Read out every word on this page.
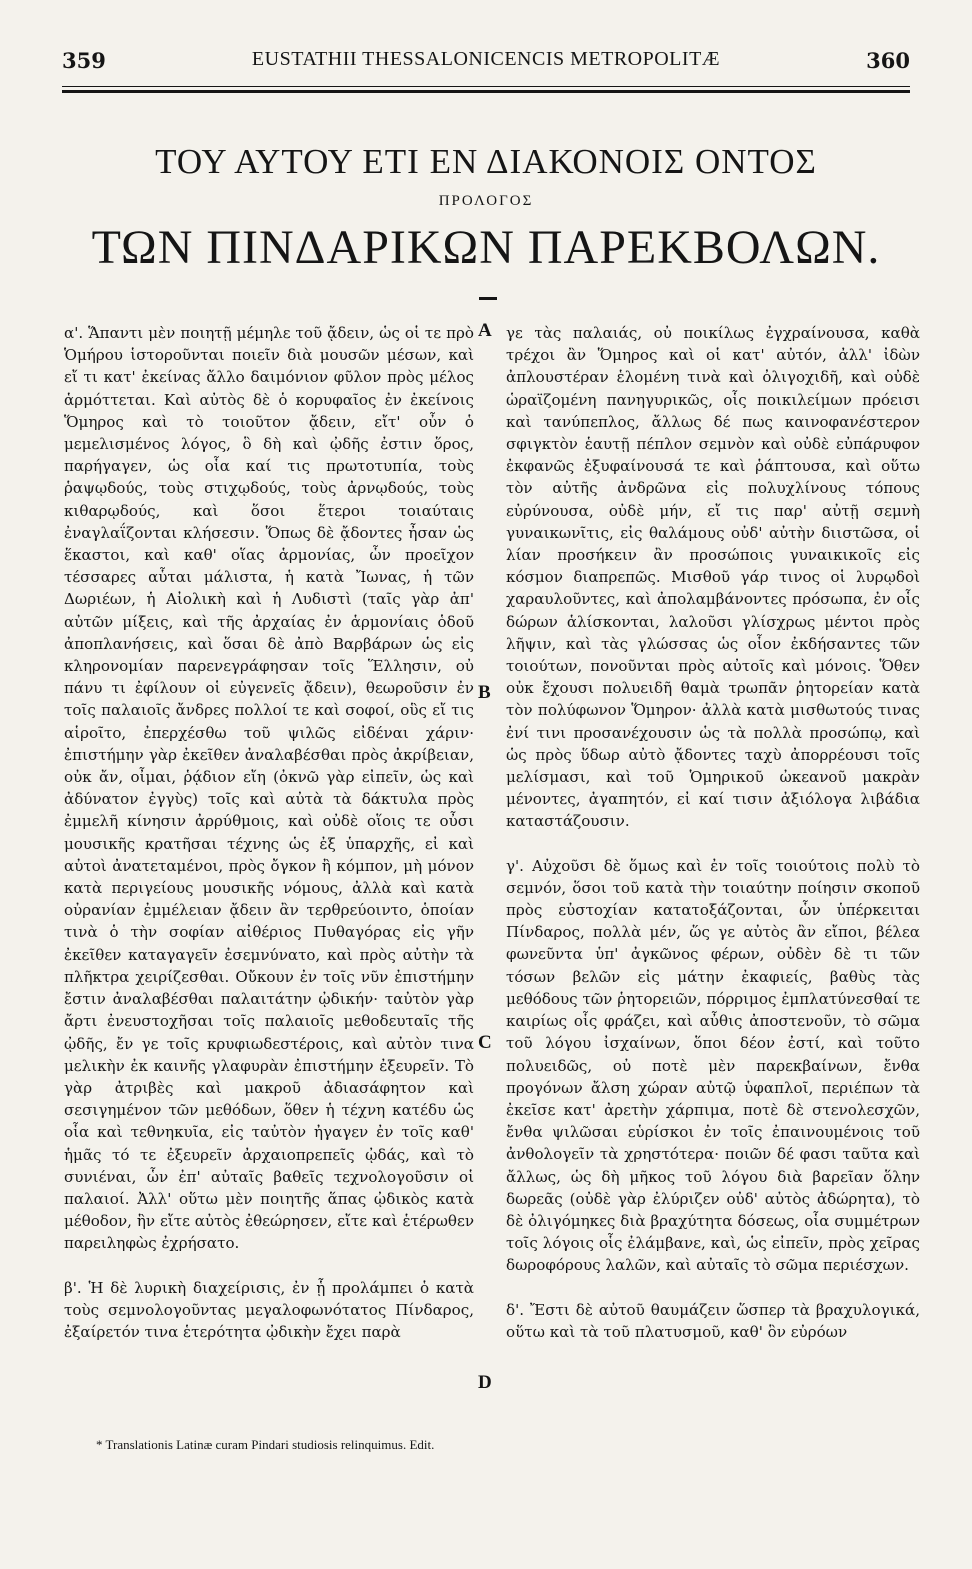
359	EUSTATHII THESSALONICENCIS METROPOLITÆ	360
ΤΟΥ ΑΥΤΟΥ ΕΤΙ ΕΝ ΔΙΑΚΟΝΟΙΣ ΟΝΤΟΣ
ΠΡΟΛΟΓΟΣ
ΤΩΝ ΠΙΝΔΑΡΙΚΩΝ ΠΑΡΕΚΒΟΛΩΝ.

α'. Ἅπαντι μὲν ποιητῇ μέμηλε τοῦ ᾄδειν, ὡς οἱ τε πρὸ Ὁμήρου ἱστοροῦνται ποιεῖν διὰ μουσῶν μέσων, καὶ εἴ τι κατ' ἐκείνας ἄλλο δαιμόνιον φῦλον πρὸς μέλος ἁρμόττεται. Καὶ αὐτὸς δὲ ὁ κορυφαῖος ἐν ἐκείνοις Ὅμηρος καὶ τὸ τοιοῦτον ᾄδειν, εἴτ' οὖν ὁ μεμελισμένος λόγος, ὃ δὴ καὶ ᾠδῆς ἐστιν ὅρος, παρήγαγεν, ὡς οἷα καί τις πρωτοτυπία, τοὺς ῥαψῳδούς, τοὺς στιχῳδούς, τοὺς ἀρνῳδούς, τοὺς κιθαρῳδούς, καὶ ὅσοι ἕτεροι τοιαύταις ἐναγλαΐζονται κλήσεσιν. Ὅπως δὲ ᾄδοντες ἦσαν ὡς ἕκαστοι, καὶ καθ' οἵας ἁρμονίας, ὧν προεῖχον τέσσαρες αὗται μάλιστα, ἡ κατὰ Ἴωνας, ἡ τῶν Δωριέων, ἡ Αἰολικὴ καὶ ἡ Λυδιστὶ (ταῖς γὰρ ἀπ' αὐτῶν μίξεις, καὶ τῆς ἀρχαίας ἐν ἁρμονίαις ὁδοῦ ἀποπλανήσεις, καὶ ὅσαι δὲ ἀπὸ Βαρβάρων ὡς εἰς κληρονομίαν παρενεγράφησαν τοῖς Ἕλλησιν, οὐ πάνυ τι ἐφίλουν οἱ εὐγενεῖς ᾄδειν), θεωροῦσιν ἐν τοῖς παλαιοῖς ἄνδρες πολλοί τε καὶ σοφοί, οὓς εἴ τις αἱροῖτο, ἐπερχέσθω τοῦ ψιλῶς εἰδέναι χάριν· ἐπιστήμην γὰρ ἐκεῖθεν ἀναλαβέσθαι πρὸς ἀκρίβειαν, οὐκ ἄν, οἶμαι, ῥᾴδιον εἴη (ὀκνῶ γὰρ εἰπεῖν, ὡς καὶ ἀδύνατον ἐγγὺς) τοῖς καὶ αὐτὰ τὰ δάκτυλα πρὸς ἐμμελῆ κίνησιν ἀρρύθμοις, καὶ οὐδὲ οἵοις τε οὖσι μουσικῆς κρατῆσαι τέχνης ὡς ἐξ ὑπαρχῆς, εἰ καὶ αὐτοὶ ἀνατεταμένοι, πρὸς ὄγκον ἢ κόμπον, μὴ μόνον κατὰ περιγείους μουσικῆς νόμους, ἀλλὰ καὶ κατὰ οὐρανίαν ἐμμέλειαν ᾄδειν ἂν τερθρεύοιντο, ὁποίαν τινὰ ὁ τὴν σοφίαν αἰθέριος Πυθαγόρας εἰς γῆν ἐκεῖθεν καταγαγεῖν ἐσεμνύνατο, καὶ πρὸς αὐτὴν τὰ πλῆκτρα χειρίζεσθαι. Οὔκουν ἐν τοῖς νῦν ἐπιστήμην ἔστιν ἀναλαβέσθαι παλαιτάτην ᾠδικήν· ταὐτὸν γὰρ ἄρτι ἐνευστοχῆσαι τοῖς παλαιοῖς μεθοδευταῖς τῆς ᾠδῆς, ἔν γε τοῖς κρυφιωδεστέροις, καὶ αὐτὸν τινα μελικὴν ἐκ καινῆς γλαφυρὰν ἐπιστήμην ἐξευρεῖν. Τὸ γὰρ ἀτριβὲς καὶ μακροῦ ἀδιασάφητον καὶ σεσιγημένον τῶν μεθόδων, ὅθεν ἡ τέχνη κατέδυ ὡς οἷα καὶ τεθνηκυῖα, εἰς ταὐτὸν ἠγαγεν ἐν τοῖς καθ' ἡμᾶς τό τε ἐξευρεῖν ἀρχαιοπρεπεῖς ᾠδάς, καὶ τὸ συνιέναι, ὧν ἐπ' αὐταῖς βαθεῖς τεχνολογοῦσιν οἱ παλαιοί. Ἀλλ' οὕτω μὲν ποιητῆς ἅπας ᾠδικὸς κατὰ μέθοδον, ἣν εἴτε αὐτὸς ἐθεώρησεν, εἴτε καὶ ἑτέρωθεν παρειληφὼς ἐχρήσατο.

β'. Ἡ δὲ λυρικὴ διαχείρισις, ἐν ᾗ προλάμπει ὁ κατὰ τοὺς σεμνολογοῦντας μεγαλοφωνότατος Πίνδαρος, ἐξαίρετόν τινα ἑτερότητα ᾠδικὴν ἔχει παρὰ

A
B
C
D

γε τὰς παλαιάς, οὐ ποικίλως ἐγχραίνουσα, καθὰ τρέχοι ἂν Ὅμηρος καὶ οἱ κατ' αὐτόν, ἀλλ' ἰδὼν ἀπλουστέραν ἑλομένη τινὰ καὶ ὀλιγοχιδῆ, καὶ οὐδὲ ὡραϊζομένη πανηγυρικῶς, οἷς ποικιλείμων πρόεισι καὶ τανύπεπλος, ἄλλως δέ πως καινοφανέστερον σφιγκτὸν ἑαυτῇ πέπλον σεμνὸν καὶ οὐδὲ εὐπάρυφον ἐκφανῶς ἐξυφαίνουσά τε καὶ ῥάπτουσα, καὶ οὕτω τὸν αὐτῆς ἀνδρῶνα εἰς πολυχλίνους τόπους εὐρύνουσα, οὐδὲ μήν, εἴ τις παρ' αὐτῇ σεμνὴ γυναικωνῖτις, εἰς θαλάμους οὐδ' αὐτὴν διιστῶσα, οἱ λίαν προσήκειν ἂν προσώποις γυναικικοῖς εἰς κόσμον διαπρεπῶς. Μισθοῦ γάρ τινος οἱ λυρῳδοὶ χαραυλοῦντες, καὶ ἀπολαμβάνοντες πρόσωπα, ἐν οἷς δώρων ἁλίσκονται, λαλοῦσι γλίσχρως μέντοι πρὸς λῆψιν, καὶ τὰς γλώσσας ὡς οἷον ἐκδήσαντες τῶν τοιούτων, πονοῦνται πρὸς αὐτοῖς καὶ μόνοις. Ὅθεν οὐκ ἔχουσι πολυειδῆ θαμὰ τρωπᾶν ῥητορείαν κατὰ τὸν πολύφωνον Ὅμηρον· ἀλλὰ κατὰ μισθωτούς τινας ἐνί τινι προσανέχουσιν ὡς τὰ πολλὰ προσώπῳ, καὶ ὡς πρὸς ὕδωρ αὐτὸ ᾄδοντες ταχὺ ἀπορρέουσι τοῖς μελίσμασι, καὶ τοῦ Ὁμηρικοῦ ὠκεανοῦ μακρὰν μένοντες, ἀγαπητόν, εἰ καί τισιν ἀξιόλογα λιβάδια καταστάζουσιν.

γ'. Αὐχοῦσι δὲ ὅμως καὶ ἐν τοῖς τοιούτοις πολὺ τὸ σεμνόν, ὅσοι τοῦ κατὰ τὴν τοιαύτην ποίησιν σκοποῦ πρὸς εὐστοχίαν κατατοξάζονται, ὧν ὑπέρκειται Πίνδαρος, πολλὰ μέν, ὥς γε αὐτὸς ἂν εἴποι, βέλεα φωνεῦντα ὑπ' ἀγκῶνος φέρων, οὐδὲν δὲ τι τῶν τόσων βελῶν εἰς μάτην ἐκαφιείς, βαθὺς τὰς μεθόδους τῶν ῥητορειῶν, πόρριμος ἐμπλατύνεσθαί τε καιρίως οἷς φράζει, καὶ αὖθις ἀποστενοῦν, τὸ σῶμα τοῦ λόγου ἰσχαίνων, ὅποι δέον ἐστί, καὶ τοῦτο πολυειδῶς, οὐ ποτὲ μὲν παρεκβαίνων, ἔνθα προγόνων ἄλση χώραν αὐτῷ ὑφαπλοῖ, περιέπων τὰ ἐκεῖσε κατ' ἀρετὴν χάρπιμα, ποτὲ δὲ στενολεσχῶν, ἔνθα ψιλῶσαι εὑρίσκοι ἐν τοῖς ἐπαινουμένοις τοῦ ἀνθολογεῖν τὰ χρηστότερα· ποιῶν δέ φασι ταῦτα καὶ ἄλλως, ὡς δὴ μῆκος τοῦ λόγου διὰ βαρεῖαν ὅλην δωρεᾶς (οὐδὲ γὰρ ἐλύριζεν οὐδ' αὐτὸς ἀδώρητα), τὸ δὲ ὀλιγόμηκες διὰ βραχύτητα δόσεως, οἷα συμμέτρων τοῖς λόγοις οἷς ἐλάμβανε, καὶ, ὡς εἰπεῖν, πρὸς χεῖρας δωροφόρους λαλῶν, καὶ αὐταῖς τὸ σῶμα περιέσχων.

δ'. Ἔστι δὲ αὐτοῦ θαυμάζειν ὥσπερ τὰ βραχυλογικά, οὕτω καὶ τὰ τοῦ πλατυσμοῦ, καθ' ὃν εὐρόων

* Translationis Latinæ curam Pindari studiosis relinquimus. Edit.
